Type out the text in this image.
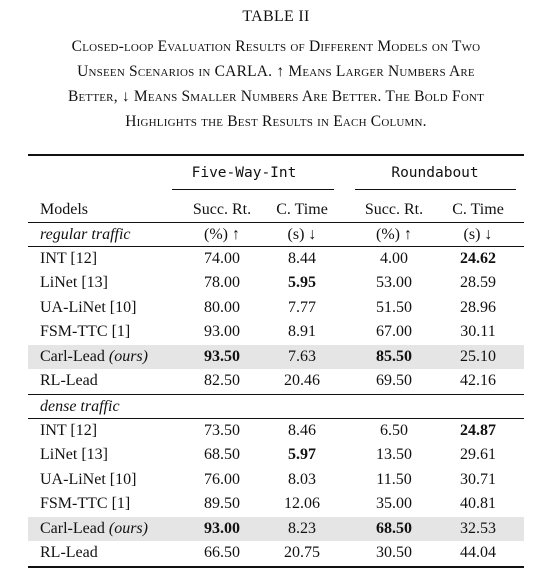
TABLE II
Closed-loop Evaluation Results of Different Models on Two
Unseen Scenarios in CARLA. ↑ Means Larger Numbers Are
Better, ↓ Means Smaller Numbers Are Better. The Bold Font
Highlights the Best Results in Each Column.
Five-Way-Int	Roundabout
Models	Succ. Rt.	C. Time	Succ. Rt.	C. Time
regular traffic	(%) ↑	(s) ↓	(%) ↑	(s) ↓
INT [12]	74.00	8.44	4.00	24.62
LiNet [13]	78.00	5.95	53.00	28.59
UA-LiNet [10]	80.00	7.77	51.50	28.96
FSM-TTC [1]	93.00	8.91	67.00	30.11
Carl-Lead (ours)	93.50	7.63	85.50	25.10
RL-Lead	82.50	20.46	69.50	42.16
dense traffic
INT [12]	73.50	8.46	6.50	24.87
LiNet [13]	68.50	5.97	13.50	29.61
UA-LiNet [10]	76.00	8.03	11.50	30.71
FSM-TTC [1]	89.50	12.06	35.00	40.81
Carl-Lead (ours)	93.00	8.23	68.50	32.53
RL-Lead	66.50	20.75	30.50	44.04
